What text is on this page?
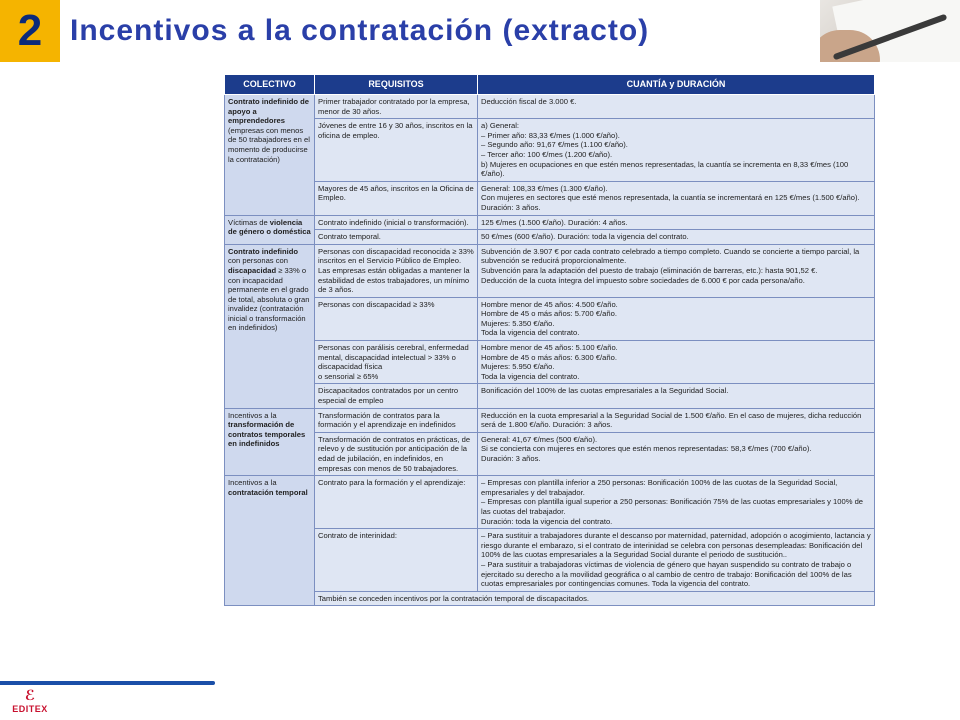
2 Incentivos a la contratación (extracto)
COLECTIVO	REQUISITOS	CUANTÍA y DURACIÓN
Contrato indefinido de apoyo a emprendedores
(empresas con menos de 50 trabajadores en el momento de producirse la contratación)	Primer trabajador contratado por la empresa, menor de 30 años.	Deducción fiscal de 3.000 €.

	Jóvenes de entre 16 y 30 años, inscritos en la oficina de empleo.	a) General:
– Primer año: 83,33 €/mes (1.000 €/año).
– Segundo año: 91,67 €/mes (1.100 €/año).
– Tercer año: 100 €/mes (1.200 €/año).
b) Mujeres en ocupaciones en que estén menos representadas, la cuantía se incrementa en 8,33 €/mes (100 €/año).

	Mayores de 45 años, inscritos en la Oficina de Empleo.	General: 108,33 €/mes (1.300 €/año).
Con mujeres en sectores que esté menos representada, la cuantía se incrementará en 125 €/mes (1.500 €/año).
Duración: 3 años.

Víctimas de violencia de género o doméstica	Contrato indefinido (inicial o transformación).	125 €/mes (1.500 €/año). Duración: 4 años.

	Contrato temporal.	50 €/mes (600 €/año). Duración: toda la vigencia del contrato.

Contrato indefinido con personas con discapacidad ≥ 33% o con incapacidad permanente en el grado de total, absoluta o gran invalidez (contratación inicial o transformación en indefinidos)	Personas con discapacidad reconocida ≥ 33% inscritos en el Servicio Público de Empleo.
Las empresas están obligadas a mantener la estabilidad de estos trabajadores, un mínimo de 3 años.	Subvención de 3.907 € por cada contrato celebrado a tiempo completo. Cuando se concierte a tiempo parcial, la subvención se reducirá proporcionalmente.
Subvención para la adaptación del puesto de trabajo (eliminación de barreras, etc.): hasta 901,52 €.
Deducción de la cuota íntegra del impuesto sobre sociedades de 6.000 € por cada persona/año.

	Personas con discapacidad ≥ 33%	Hombre menor de 45 años: 4.500 €/año.
Hombre de 45 o más años: 5.700 €/año.
Mujeres: 5.350 €/año.
Toda la vigencia del contrato.

	Personas con parálisis cerebral, enfermedad mental, discapacidad intelectual > 33% o discapacidad física
o sensorial ≥ 65%	Hombre menor de 45 años: 5.100 €/año.
Hombre de 45 o más años: 6.300 €/año.
Mujeres: 5.950 €/año.
Toda la vigencia del contrato.

	Discapacitados contratados por un centro especial de empleo	Bonificación del 100% de las cuotas empresariales a la Seguridad Social.

Incentivos a la transformación de contratos temporales en indefinidos	Transformación de contratos para la formación y el aprendizaje en indefinidos	Reducción en la cuota empresarial a la Seguridad Social de 1.500 €/año. En el caso de mujeres, dicha reducción será de 1.800 €/año. Duración: 3 años.

	Transformación de contratos en prácticas, de relevo y de sustitución por anticipación de la edad de jubilación, en indefinidos, en empresas con menos de 50 trabajadores.	General: 41,67 €/mes (500 €/año).
Si se concierta con mujeres en sectores que estén menos representadas: 58,3 €/mes (700 €/año).
Duración: 3 años.

Incentivos a la contratación temporal	Contrato para la formación y el aprendizaje:	– Empresas con plantilla inferior a 250 personas: Bonificación 100% de las cuotas de la Seguridad Social, empresariales y del trabajador.
– Empresas con plantilla igual superior a 250 personas: Bonificación 75% de las cuotas empresariales y 100% de las cuotas del trabajador.
Duración: toda la vigencia del contrato.

	Contrato de interinidad:	– Para sustituir a trabajadores durante el descanso por maternidad, paternidad, adopción o acogimiento, lactancia y riesgo durante el embarazo, si el contrato de interinidad se celebra con personas desempleadas: Bonificación del 100% de las cuotas empresariales a la Seguridad Social durante el periodo de sustitución..
– Para sustituir a trabajadoras víctimas de violencia de género que hayan suspendido su contrato de trabajo o ejercitado su derecho a la movilidad geográfica o al cambio de centro de trabajo: Bonificación del 100% de las cuotas empresariales por contingencias comunes. Toda la vigencia del contrato.

	También se conceden incentivos por la contratación temporal de discapacitados.	
ℰ
EDITEX
